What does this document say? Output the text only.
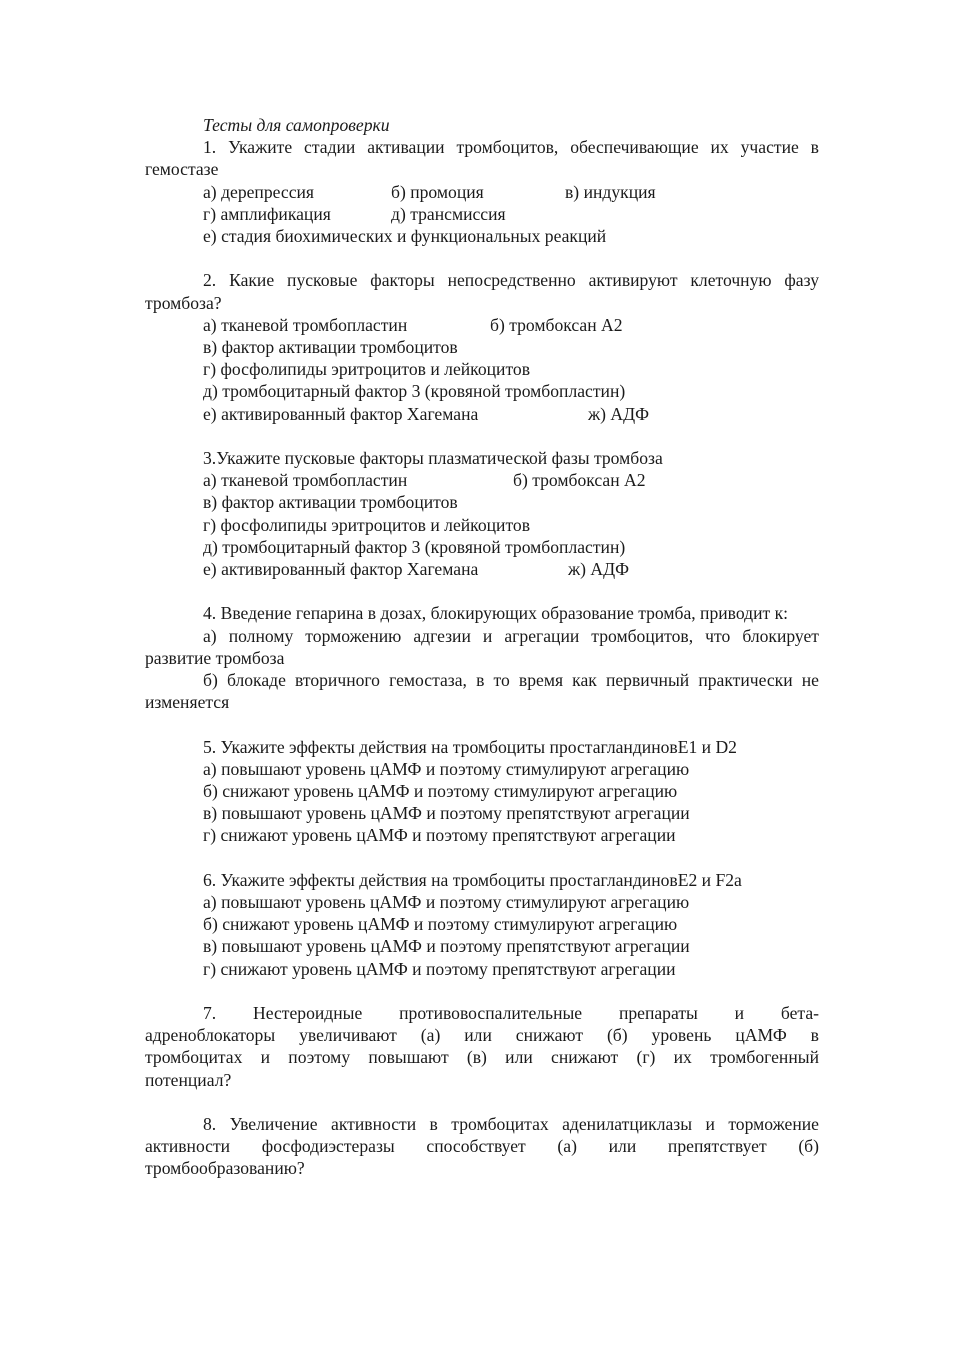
Тесты для самопроверки
1. Укажите стадии активации тромбоцитов, обеспечивающие их участие в гемостазе
а) дерепрессия	б) промоция	в) индукция
г) амплификация	д) трансмиссия
е) стадия биохимических и функциональных реакций
2. Какие пусковые факторы непосредственно активируют клеточную фазу тромбоза?
а) тканевой тромбопластин	б) тромбоксан А2
в) фактор активации тромбоцитов
г) фосфолипиды эритроцитов и лейкоцитов
д) тромбоцитарный фактор 3 (кровяной тромбопластин)
е) активированный фактор Хагемана	ж) АДФ
3.Укажите пусковые факторы плазматической фазы тромбоза
а) тканевой тромбопластин	б) тромбоксан А2
в) фактор активации тромбоцитов
г) фосфолипиды эритроцитов и лейкоцитов
д) тромбоцитарный фактор 3 (кровяной тромбопластин)
е) активированный фактор Хагемана	ж) АДФ
4. Введение гепарина в дозах, блокирующих образование тромба, приводит к:
а) полному торможению адгезии и агрегации тромбоцитов, что блокирует развитие тромбоза
б) блокаде вторичного гемостаза, в то время как первичный практически не изменяется
5. Укажите эффекты действия на тромбоциты простагландиновE1 и D2
а) повышают уровень цАМФ и поэтому стимулируют агрегацию
б) снижают уровень цАМФ и поэтому стимулируют агрегацию
в) повышают уровень цАМФ и поэтому препятствуют агрегации
г) снижают уровень цАМФ и поэтому препятствуют агрегации
6. Укажите эффекты действия на тромбоциты простагландиновE2 и F2a
а) повышают уровень цАМФ и поэтому стимулируют агрегацию
б) снижают уровень цАМФ и поэтому стимулируют агрегацию
в) повышают уровень цАМФ и поэтому препятствуют агрегации
г) снижают уровень цАМФ и поэтому препятствуют агрегации
7. Нестероидные противовоспалительные препараты и бета-
адреноблокаторы увеличивают (а) или снижают (б) уровень цАМФ в
тромбоцитах и поэтому повышают (в) или снижают (г) их тромбогенный
потенциал?
8. Увеличение активности в тромбоцитах аденилатциклазы и торможение
активности фосфодиэстеразы способствует (а) или препятствует (б)
тромбообразованию?
